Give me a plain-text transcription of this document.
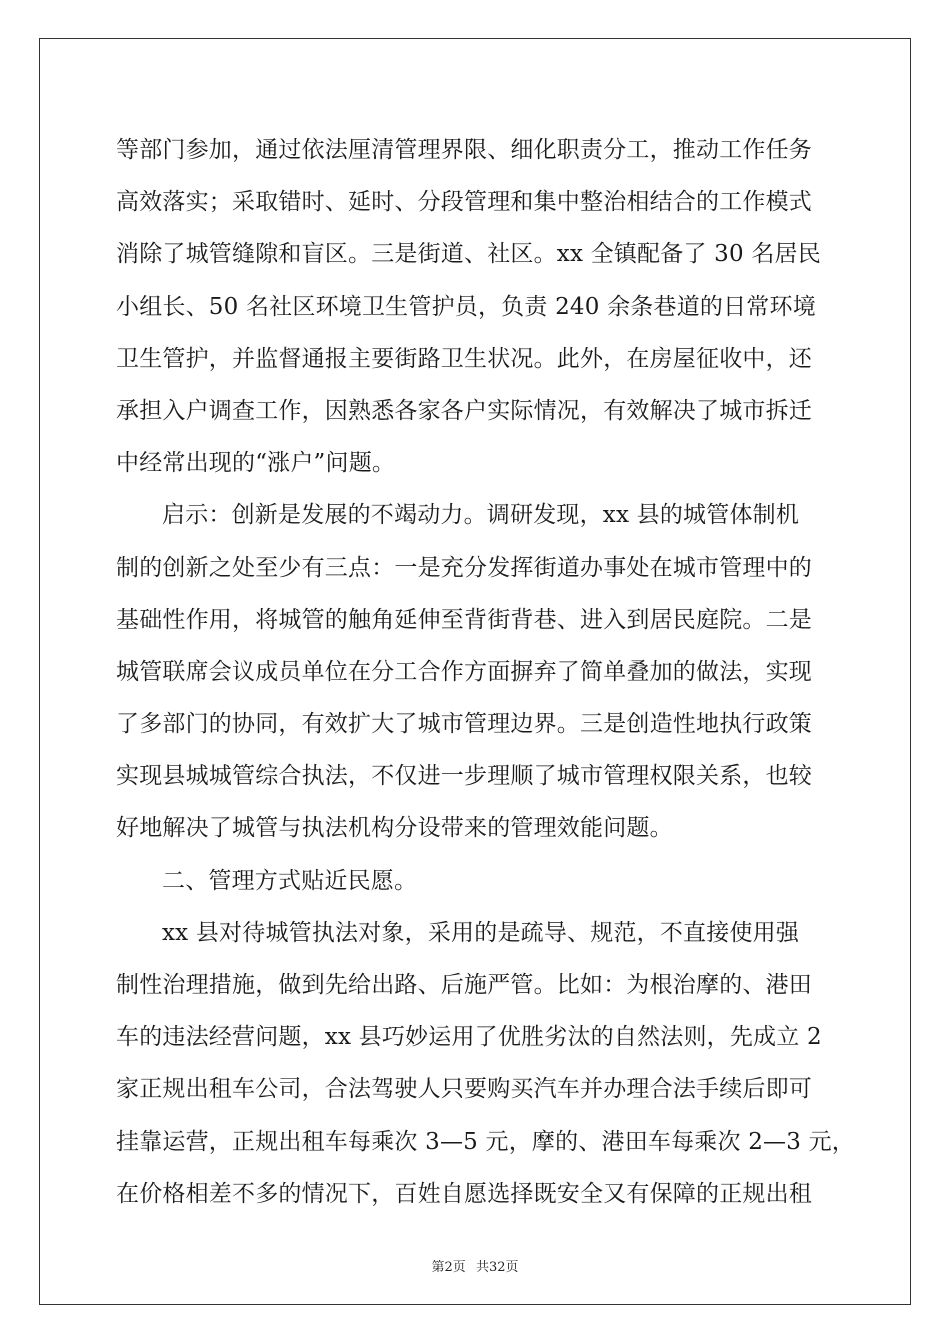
等部门参加，通过依法厘清管理界限、细化职责分工，推动工作任务
高效落实；采取错时、延时、分段管理和集中整治相结合的工作模式
消除了城管缝隙和盲区。三是街道、社区。xx 全镇配备了 30 名居民
小组长、50 名社区环境卫生管护员，负责 240 余条巷道的日常环境
卫生管护，并监督通报主要街路卫生状况。此外，在房屋征收中，还
承担入户调查工作，因熟悉各家各户实际情况，有效解决了城市拆迁
中经常出现的“涨户”问题。
启示：创新是发展的不竭动力。调研发现，xx 县的城管体制机
制的创新之处至少有三点：一是充分发挥街道办事处在城市管理中的
基础性作用，将城管的触角延伸至背街背巷、进入到居民庭院。二是
城管联席会议成员单位在分工合作方面摒弃了简单叠加的做法，实现
了多部门的协同，有效扩大了城市管理边界。三是创造性地执行政策
实现县城城管综合执法，不仅进一步理顺了城市管理权限关系，也较
好地解决了城管与执法机构分设带来的管理效能问题。
二、管理方式贴近民愿。
xx 县对待城管执法对象，采用的是疏导、规范，不直接使用强
制性治理措施，做到先给出路、后施严管。比如：为根治摩的、港田
车的违法经营问题，xx 县巧妙运用了优胜劣汰的自然法则，先成立 2
家正规出租车公司，合法驾驶人只要购买汽车并办理合法手续后即可
挂靠运营，正规出租车每乘次 3—5 元，摩的、港田车每乘次 2—3 元，
在价格相差不多的情况下，百姓自愿选择既安全又有保障的正规出租
第2页 共32页
